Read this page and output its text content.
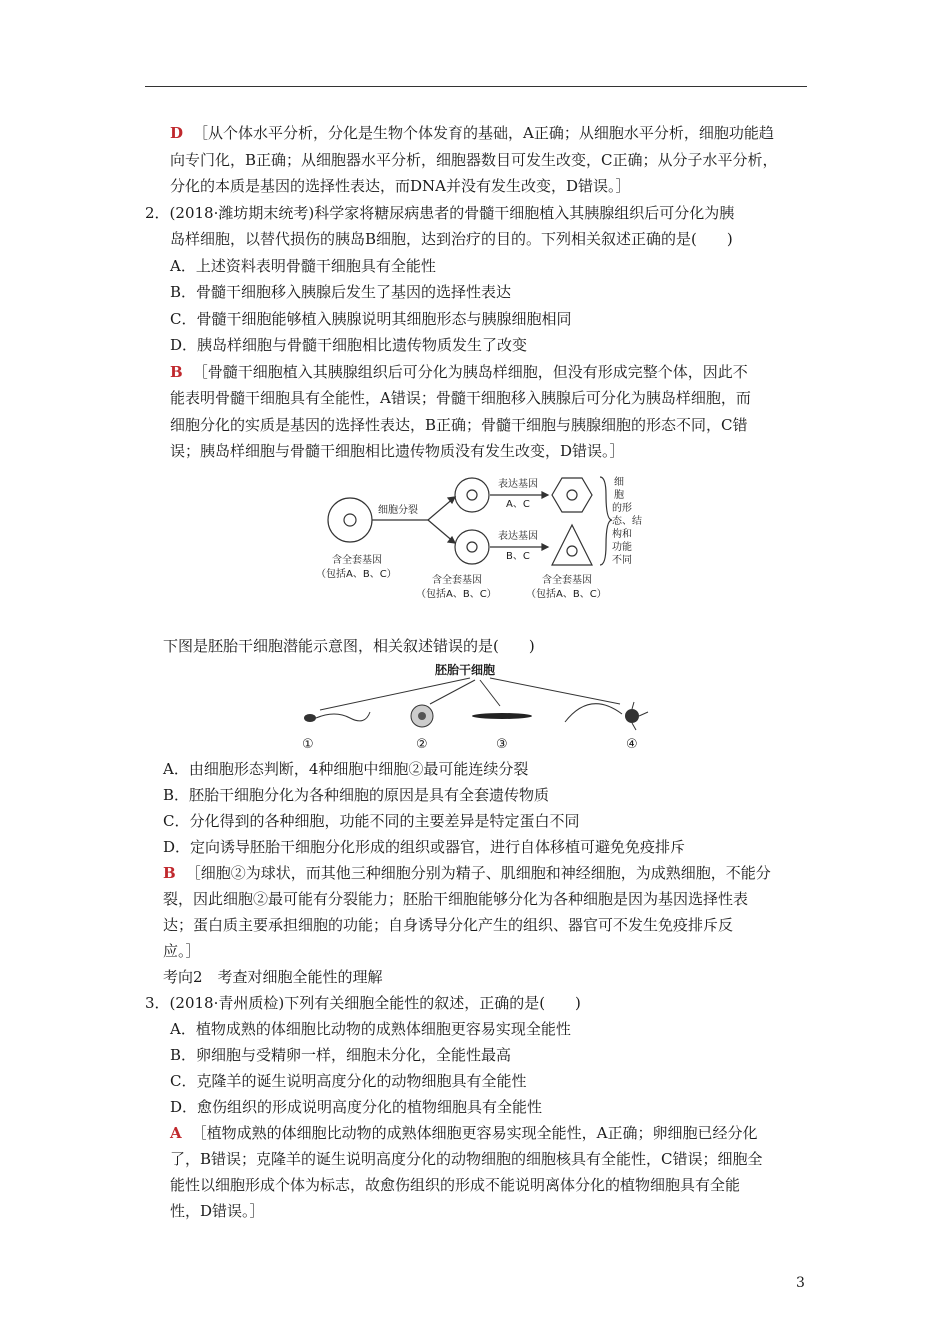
D ［从个体水平分析，分化是生物个体发育的基础，A正确；从细胞水平分析，细胞功能趋
向专门化，B正确；从细胞器水平分析，细胞器数目可发生改变，C正确；从分子水平分析，
分化的本质是基因的选择性表达，而DNA并没有发生改变，D错误。］
2．(2018·潍坊期末统考)科学家将糖尿病患者的骨髓干细胞植入其胰腺组织后可分化为胰
岛样细胞，以替代损伤的胰岛B细胞，达到治疗的目的。下列相关叙述正确的是(　　)
A．上述资料表明骨髓干细胞具有全能性
B．骨髓干细胞移入胰腺后发生了基因的选择性表达
C．骨髓干细胞能够植入胰腺说明其细胞形态与胰腺细胞相同
D．胰岛样细胞与骨髓干细胞相比遗传物质发生了改变
B ［骨髓干细胞植入其胰腺组织后可分化为胰岛样细胞，但没有形成完整个体，因此不
能表明骨髓干细胞具有全能性，A错误；骨髓干细胞移入胰腺后可分化为胰岛样细胞，而
细胞分化的实质是基因的选择性表达，B正确；骨髓干细胞与胰腺细胞的形态不同，C错
误；胰岛样细胞与骨髓干细胞相比遗传物质没有发生改变，D错误。］
细胞分裂
表达基因
A、C
表达基因
B、C
细
胞
的形
态、结
构和
功能
不同
含全套基因
（包括A、B、C）
含全套基因
（包括A、B、C）
含全套基因
（包括A、B、C）
下图是胚胎干细胞潜能示意图，相关叙述错误的是(　　)
胚胎干细胞
①	②	③	④
A．由细胞形态判断，4种细胞中细胞②最可能连续分裂
B．胚胎干细胞分化为各种细胞的原因是具有全套遗传物质
C．分化得到的各种细胞，功能不同的主要差异是特定蛋白不同
D．定向诱导胚胎干细胞分化形成的组织或器官，进行自体移植可避免免疫排斥
B ［细胞②为球状，而其他三种细胞分别为精子、肌细胞和神经细胞，为成熟细胞，不能分
裂，因此细胞②最可能有分裂能力；胚胎干细胞能够分化为各种细胞是因为基因选择性表
达；蛋白质主要承担细胞的功能；自身诱导分化产生的组织、器官可不发生免疫排斥反
应。］
考向2　考查对细胞全能性的理解
3．(2018·青州质检)下列有关细胞全能性的叙述，正确的是(　　)
A．植物成熟的体细胞比动物的成熟体细胞更容易实现全能性
B．卵细胞与受精卵一样，细胞未分化，全能性最高
C．克隆羊的诞生说明高度分化的动物细胞具有全能性
D．愈伤组织的形成说明高度分化的植物细胞具有全能性
A ［植物成熟的体细胞比动物的成熟体细胞更容易实现全能性，A正确；卵细胞已经分化
了，B错误；克隆羊的诞生说明高度分化的动物细胞的细胞核具有全能性，C错误；细胞全
能性以细胞形成个体为标志，故愈伤组织的形成不能说明离体分化的植物细胞具有全能
性，D错误。］
3
